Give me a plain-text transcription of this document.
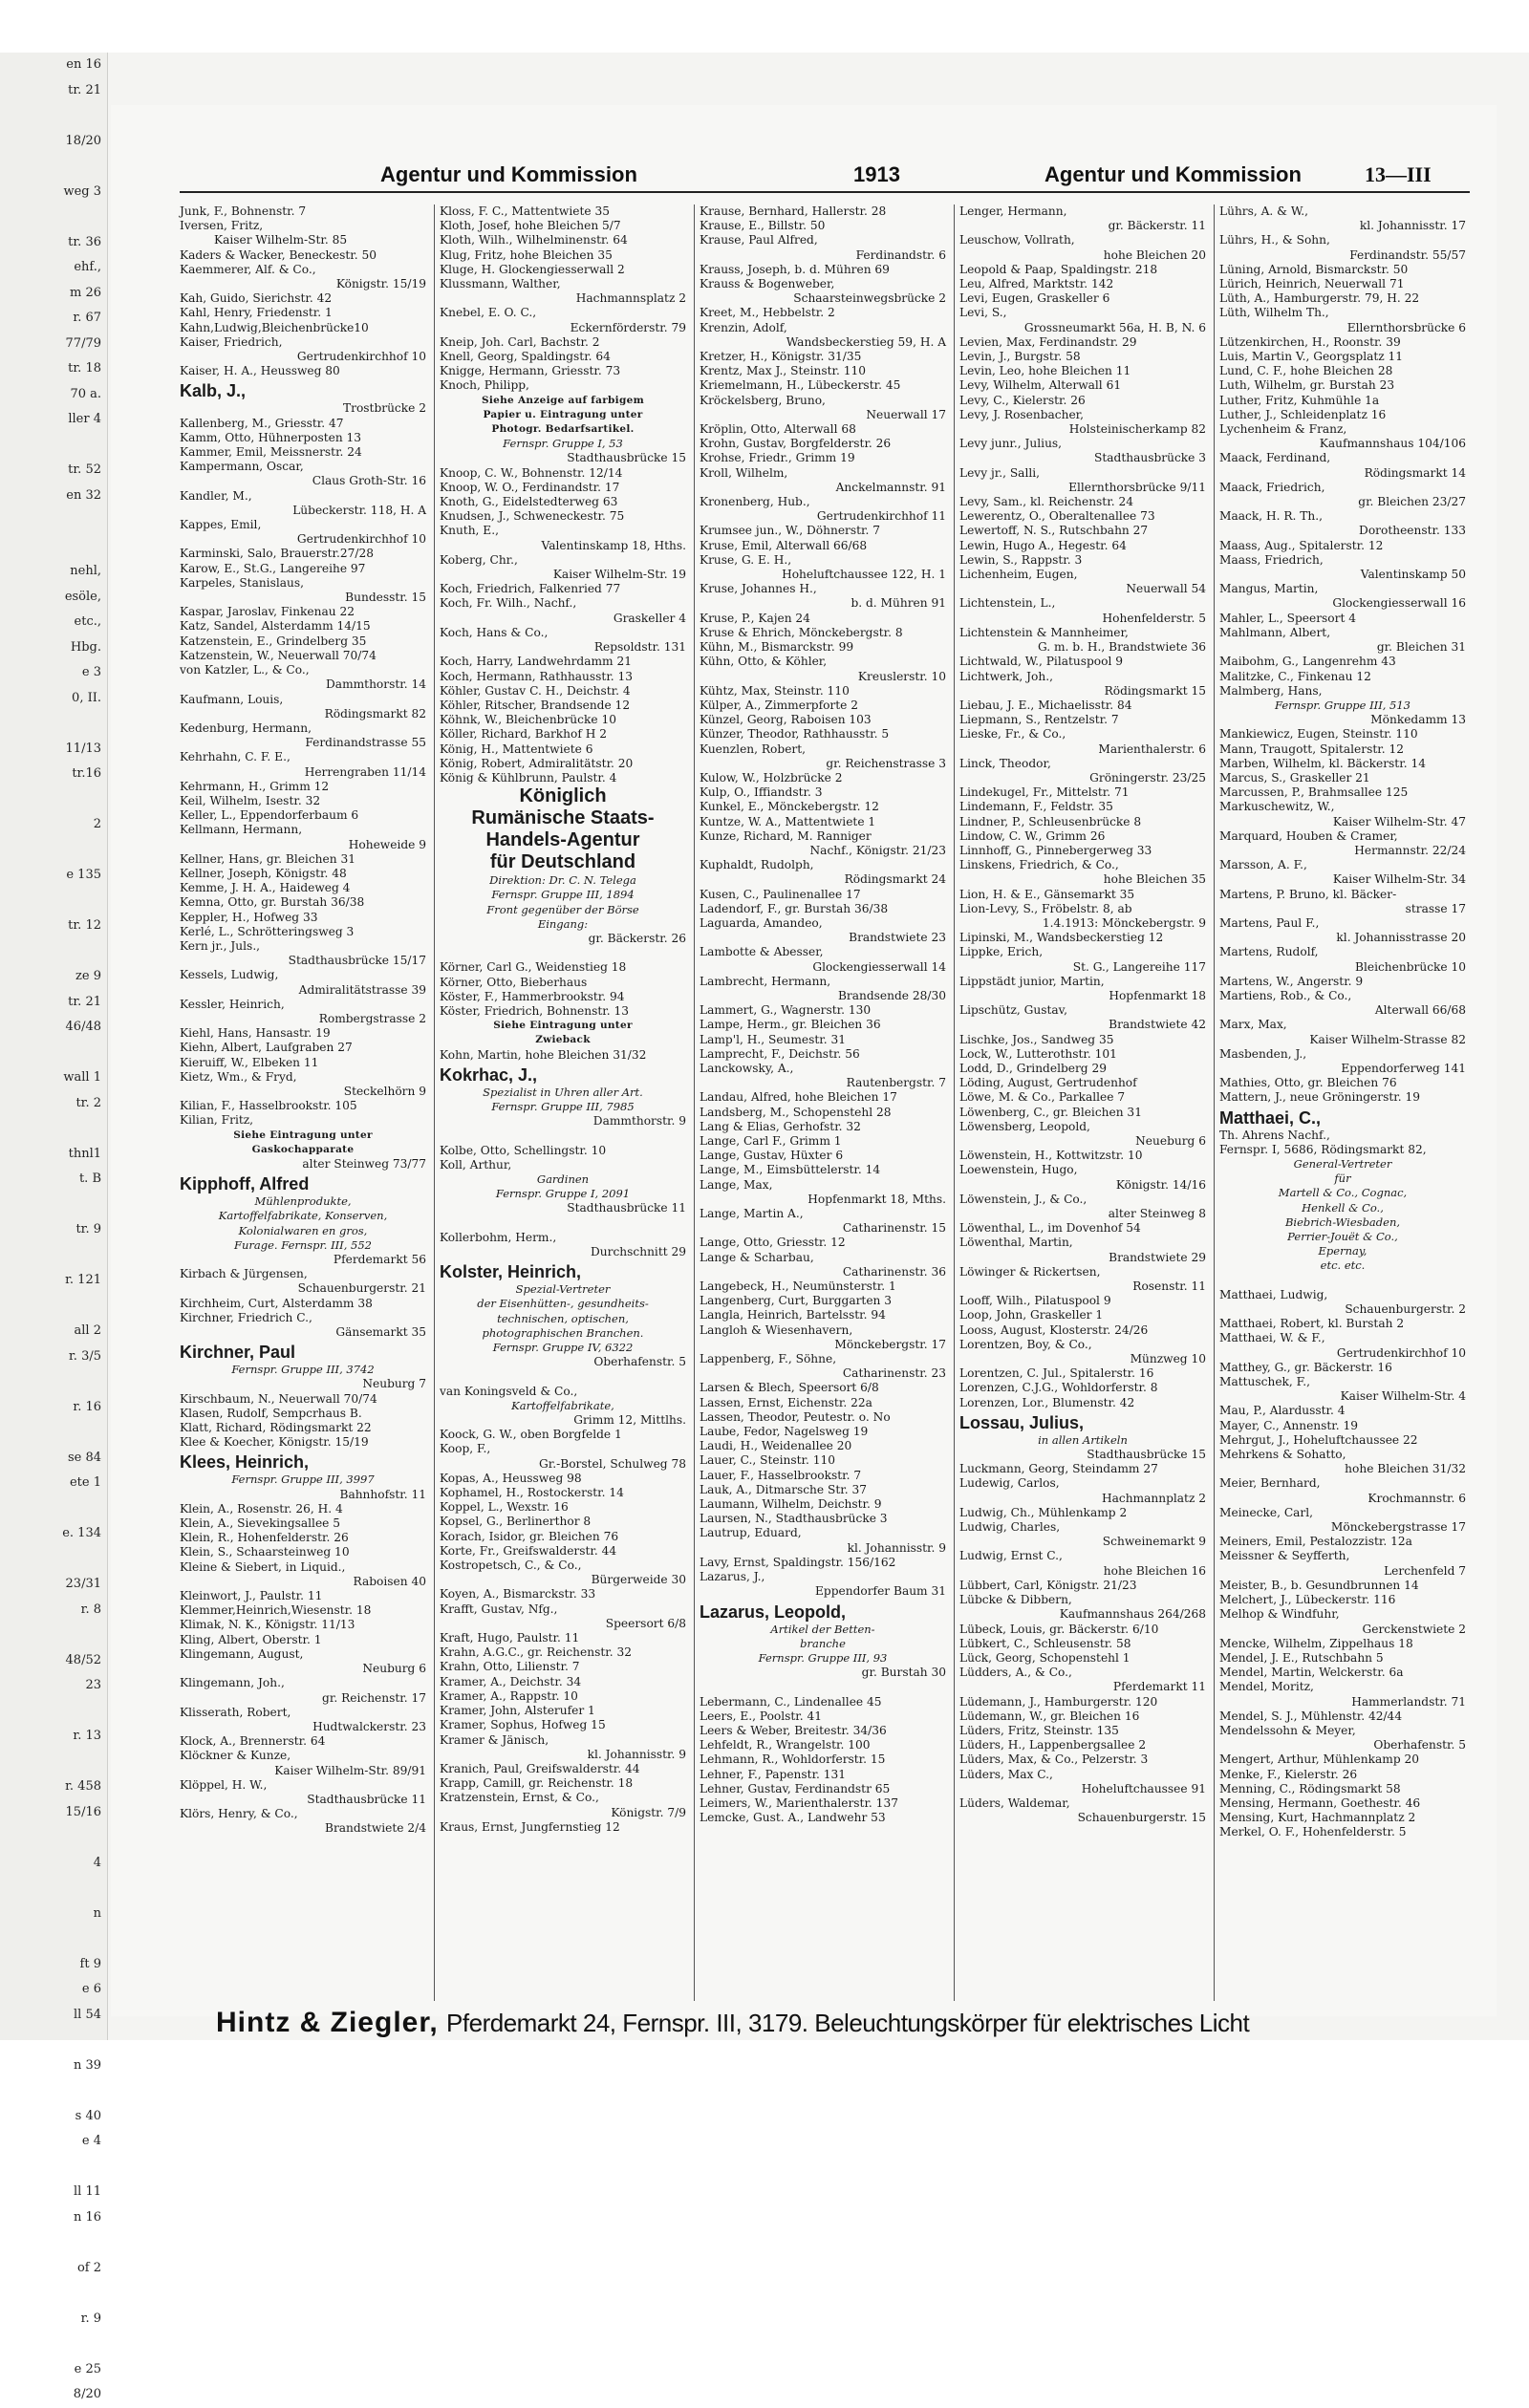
en 16
tr. 21

18/20

weg 3

tr. 36
ehf.,
m 26
r. 67
77/79
tr. 18
70 a.
ller 4

tr. 52
en 32

nehl,
esöle,
etc.,
Hbg.
e 3
0, II.

11/13
tr.16

2

e 135

tr. 12

ze 9
tr. 21
46/48

wall 1
tr. 2

thnl1
t. B

tr. 9

r. 121

all 2
r. 3/5

r. 16

se 84
ete 1

e. 134

23/31
r. 8

48/52
23

r. 13

r. 458
15/16

4

n

ft 9
e 6
ll 54

n 39

s 40
e 4

ll 11
n 16

of 2

r. 9

e 25
8/20
Agentur und Kommission	1913	Agentur und Kommission	13—III
Junk, F., Bohnenstr. 7
Iversen, Fritz,
Kaiser Wilhelm-Str. 85
Kaders & Wacker, Beneckestr. 50
Kaemmerer, Alf. & Co.,
Königstr. 15/19
Kah, Guido, Sierichstr. 42
Kahl, Henry, Friedenstr. 1
Kahn,Ludwig,Bleichenbrücke10
Kaiser, Friedrich,
Gertrudenkirchhof 10
Kaiser, H. A., Heussweg 80
Kalb, J.,
Trostbrücke 2
Kallenberg, M., Griesstr. 47
Kamm, Otto, Hühnerposten 13
Kammer, Emil, Meissnerstr. 24
Kampermann, Oscar,
Claus Groth-Str. 16
Kandler, M.,
Lübeckerstr. 118, H. A
Kappes, Emil,
Gertrudenkirchhof 10
Karminski, Salo, Brauerstr.27/28
Karow, E., St.G., Langereihe 97
Karpeles, Stanislaus,
Bundesstr. 15
Kaspar, Jaroslav, Finkenau 22
Katz, Sandel, Alsterdamm 14/15
Katzenstein, E., Grindelberg 35
Katzenstein, W., Neuerwall 70/74
von Katzler, L., & Co.,
Dammthorstr. 14
Kaufmann, Louis,
Rödingsmarkt 82
Kedenburg, Hermann,
Ferdinandstrasse 55
Kehrhahn, C. F. E.,
Herrengraben 11/14
Kehrmann, H., Grimm 12
Keil, Wilhelm, Isestr. 32
Keller, L., Eppendorferbaum 6
Kellmann, Hermann,
Hoheweide 9
Kellner, Hans, gr. Bleichen 31
Kellner, Joseph, Königstr. 48
Kemme, J. H. A., Haideweg 4
Kemna, Otto, gr. Burstah 36/38
Keppler, H., Hofweg 33
Kerlé, L., Schrötteringsweg 3
Kern jr., Juls.,
Stadthausbrücke 15/17
Kessels, Ludwig,
Admiralitätstrasse 39
Kessler, Heinrich,
Rombergstrasse 2
Kiehl, Hans, Hansastr. 19
Kiehn, Albert, Laufgraben 27
Kieruiff, W., Elbeken 11
Kietz, Wm., & Fryd,
Steckelhörn 9
Kilian, F., Hasselbrookstr. 105
Kilian, Fritz,
Siehe Eintragung unter
Gaskochapparate
alter Steinweg 73/77
Kipphoff, Alfred
Mühlenprodukte,
Kartoffelfabrikate, Konserven,
Kolonialwaren en gros,
Furage. Fernspr. III, 552
Pferdemarkt 56
Kirbach & Jürgensen,
Schauenburgerstr. 21
Kirchheim, Curt, Alsterdamm 38
Kirchner, Friedrich C.,
Gänsemarkt 35
Kirchner, Paul
Fernspr. Gruppe III, 3742
Neuburg 7
Kirschbaum, N., Neuerwall 70/74
Klasen, Rudolf, Sempcrhaus B.
Klatt, Richard, Rödingsmarkt 22
Klee & Koecher, Königstr. 15/19
Klees, Heinrich,
Fernspr. Gruppe III, 3997
Bahnhofstr. 11
Klein, A., Rosenstr. 26, H. 4
Klein, A., Sievekingsallee 5
Klein, R., Hohenfelderstr. 26
Klein, S., Schaarsteinweg 10
Kleine & Siebert, in Liquid.,
Raboisen 40
Kleinwort, J., Paulstr. 11
Klemmer,Heinrich,Wiesenstr. 18
Klimak, N. K., Königstr. 11/13
Kling, Albert, Oberstr. 1
Klingemann, August,
Neuburg 6
Klingemann, Joh.,
gr. Reichenstr. 17
Klisserath, Robert,
Hudtwalckerstr. 23
Klock, A., Brennerstr. 64
Klöckner & Kunze,
Kaiser Wilhelm-Str. 89/91
Klöppel, H. W.,
Stadthausbrücke 11
Klörs, Henry, & Co.,
Brandstwiete 2/4
Kloss, F. C., Mattentwiete 35
Kloth, Josef, hohe Bleichen 5/7
Kloth, Wilh., Wilhelminenstr. 64
Klug, Fritz, hohe Bleichen 35
Kluge, H. Glockengiesserwall 2
Klussmann, Walther,
Hachmannsplatz 2
Knebel, E. O. C.,
Eckernförderstr. 79
Kneip, Joh. Carl, Bachstr. 2
Knell, Georg, Spaldingstr. 64
Knigge, Hermann, Griesstr. 73
Knoch, Philipp,
Siehe Anzeige auf farbigem
Papier u. Eintragung unter
Photogr. Bedarfsartikel.
Fernspr. Gruppe I, 53
Stadthausbrücke 15
Knoop, C. W., Bohnenstr. 12/14
Knoop, W. O., Ferdinandstr. 17
Knoth, G., Eidelstedterweg 63
Knudsen, J., Schweneckestr. 75
Knuth, E.,
Valentinskamp 18, Hths.
Koberg, Chr.,
Kaiser Wilhelm-Str. 19
Koch, Friedrich, Falkenried 77
Koch, Fr. Wilh., Nachf.,
Graskeller 4
Koch, Hans & Co.,
Repsoldstr. 131
Koch, Harry, Landwehrdamm 21
Koch, Hermann, Rathhausstr. 13
Köhler, Gustav C. H., Deichstr. 4
Köhler, Ritscher, Brandsende 12
Köhnk, W., Bleichenbrücke 10
Köller, Richard, Barkhof H 2
König, H., Mattentwiete 6
König, Robert, Admiralitätstr. 20
König & Kühlbrunn, Paulstr. 4
Königlich
Rumänische Staats-
Handels-Agentur
für Deutschland
Direktion: Dr. C. N. Telega
Fernspr. Gruppe III, 1894
Front gegenüber der Börse
Eingang:
gr. Bäckerstr. 26

Körner, Carl G., Weidenstieg 18
Körner, Otto, Bieberhaus
Köster, F., Hammerbrookstr. 94
Köster, Friedrich, Bohnenstr. 13
Siehe Eintragung unter
Zwieback
Kohn, Martin, hohe Bleichen 31/32
Kokrhac, J.,
Spezialist in Uhren aller Art.
Fernspr. Gruppe III, 7985
Dammthorstr. 9

Kolbe, Otto, Schellingstr. 10
Koll, Arthur,
Gardinen
Fernspr. Gruppe I, 2091
Stadthausbrücke 11

Kollerbohm, Herm.,
Durchschnitt 29
Kolster, Heinrich,
Spezial-Vertreter
der Eisenhütten-, gesundheits-
technischen, optischen,
photographischen Branchen.
Fernspr. Gruppe IV, 6322
Oberhafenstr. 5

van Koningsveld & Co.,
Kartoffelfabrikate,
Grimm 12, Mittlhs.
Koock, G. W., oben Borgfelde 1
Koop, F.,
Gr.-Borstel, Schulweg 78
Kopas, A., Heussweg 98
Kophamel, H., Rostockerstr. 14
Koppel, L., Wexstr. 16
Kopsel, G., Berlinerthor 8
Korach, Isidor, gr. Bleichen 76
Korte, Fr., Greifswalderstr. 44
Kostropetsch, C., & Co.,
Bürgerweide 30
Koyen, A., Bismarckstr. 33
Krafft, Gustav, Nfg.,
Speersort 6/8
Kraft, Hugo, Paulstr. 11
Krahn, A.G.C., gr. Reichenstr. 32
Krahn, Otto, Lilienstr. 7
Kramer, A., Deichstr. 34
Kramer, A., Rappstr. 10
Kramer, John, Alsterufer 1
Kramer, Sophus, Hofweg 15
Kramer & Jänisch,
kl. Johannisstr. 9
Kranich, Paul, Greifswalderstr. 44
Krapp, Camill, gr. Reichenstr. 18
Kratzenstein, Ernst, & Co.,
Königstr. 7/9
Kraus, Ernst, Jungfernstieg 12
Krause, Bernhard, Hallerstr. 28
Krause, E., Billstr. 50
Krause, Paul Alfred,
Ferdinandstr. 6
Krauss, Joseph, b. d. Mühren 69
Krauss & Bogenweber,
Schaarsteinwegsbrücke 2
Kreet, M., Hebbelstr. 2
Krenzin, Adolf,
Wandsbeckerstieg 59, H. A
Kretzer, H., Königstr. 31/35
Krentz, Max J., Steinstr. 110
Kriemelmann, H., Lübeckerstr. 45
Kröckelsberg, Bruno,
Neuerwall 17
Kröplin, Otto, Alterwall 68
Krohn, Gustav, Borgfelderstr. 26
Krohse, Friedr., Grimm 19
Kroll, Wilhelm,
Anckelmannstr. 91
Kronenberg, Hub.,
Gertrudenkirchhof 11
Krumsee jun., W., Döhnerstr. 7
Kruse, Emil, Alterwall 66/68
Kruse, G. E. H.,
Hoheluftchaussee 122, H. 1
Kruse, Johannes H.,
b. d. Mühren 91
Kruse, P., Kajen 24
Kruse & Ehrich, Mönckebergstr. 8
Kühn, M., Bismarckstr. 99
Kühn, Otto, & Köhler,
Kreuslerstr. 10
Kühtz, Max, Steinstr. 110
Külper, A., Zimmerpforte 2
Künzel, Georg, Raboisen 103
Künzer, Theodor, Rathhausstr. 5
Kuenzlen, Robert,
gr. Reichenstrasse 3
Kulow, W., Holzbrücke 2
Kulp, O., Iffiandstr. 3
Kunkel, E., Mönckebergstr. 12
Kuntze, W. A., Mattentwiete 1
Kunze, Richard, M. Ranniger
Nachf., Königstr. 21/23
Kuphaldt, Rudolph,
Rödingsmarkt 24
Kusen, C., Paulinenallee 17
Ladendorf, F., gr. Burstah 36/38
Laguarda, Amandeo,
Brandstwiete 23
Lambotte & Abesser,
Glockengiesserwall 14
Lambrecht, Hermann,
Brandsende 28/30
Lammert, G., Wagnerstr. 130
Lampe, Herm., gr. Bleichen 36
Lamp'l, H., Seumestr. 31
Lamprecht, F., Deichstr. 56
Lanckowsky, A.,
Rautenbergstr. 7
Landau, Alfred, hohe Bleichen 17
Landsberg, M., Schopenstehl 28
Lang & Elias, Gerhofstr. 32
Lange, Carl F., Grimm 1
Lange, Gustav, Hüxter 6
Lange, M., Eimsbüttelerstr. 14
Lange, Max,
Hopfenmarkt 18, Mths.
Lange, Martin A.,
Catharinenstr. 15
Lange, Otto, Griesstr. 12
Lange & Scharbau,
Catharinenstr. 36
Langebeck, H., Neumünsterstr. 1
Langenberg, Curt, Burggarten 3
Langla, Heinrich, Bartelsstr. 94
Langloh & Wiesenhavern,
Mönckebergstr. 17
Lappenberg, F., Söhne,
Catharinenstr. 23
Larsen & Blech, Speersort 6/8
Lassen, Ernst, Eichenstr. 22a
Lassen, Theodor, Peutestr. o. No
Laube, Fedor, Nagelsweg 19
Laudi, H., Weidenallee 20
Lauer, C., Steinstr. 110
Lauer, F., Hasselbrookstr. 7
Lauk, A., Ditmarsche Str. 37
Laumann, Wilhelm, Deichstr. 9
Laursen, N., Stadthausbrücke 3
Lautrup, Eduard,
kl. Johannisstr. 9
Lavy, Ernst, Spaldingstr. 156/162
Lazarus, J.,
Eppendorfer Baum 31
Lazarus, Leopold,
Artikel der Betten-
branche
Fernspr. Gruppe III, 93
gr. Burstah 30

Lebermann, C., Lindenallee 45
Leers, E., Poolstr. 41
Leers & Weber, Breitestr. 34/36
Lehfeldt, R., Wrangelstr. 100
Lehmann, R., Wohldorferstr. 15
Lehner, F., Papenstr. 131
Lehner, Gustav, Ferdinandstr 65
Leimers, W., Marienthalerstr. 137
Lemcke, Gust. A., Landwehr 53
Lenger, Hermann,
gr. Bäckerstr. 11
Leuschow, Vollrath,
hohe Bleichen 20
Leopold & Paap, Spaldingstr. 218
Leu, Alfred, Marktstr. 142
Levi, Eugen, Graskeller 6
Levi, S.,
Grossneumarkt 56a, H. B, N. 6
Levien, Max, Ferdinandstr. 29
Levin, J., Burgstr. 58
Levin, Leo, hohe Bleichen 11
Levy, Wilhelm, Alterwall 61
Levy, C., Kielerstr. 26
Levy, J. Rosenbacher,
Holsteinischerkamp 82
Levy junr., Julius,
Stadthausbrücke 3
Levy jr., Salli,
Ellernthorsbrücke 9/11
Levy, Sam., kl. Reichenstr. 24
Lewerentz, O., Oberaltenallee 73
Lewertoff, N. S., Rutschbahn 27
Lewin, Hugo A., Hegestr. 64
Lewin, S., Rappstr. 3
Lichenheim, Eugen,
Neuerwall 54
Lichtenstein, L.,
Hohenfelderstr. 5
Lichtenstein & Mannheimer,
G. m. b. H., Brandstwiete 36
Lichtwald, W., Pilatuspool 9
Lichtwerk, Joh.,
Rödingsmarkt 15
Liebau, J. E., Michaelisstr. 84
Liepmann, S., Rentzelstr. 7
Lieske, Fr., & Co.,
Marienthalerstr. 6
Linck, Theodor,
Gröningerstr. 23/25
Lindekugel, Fr., Mittelstr. 71
Lindemann, F., Feldstr. 35
Lindner, P., Schleusenbrücke 8
Lindow, C. W., Grimm 26
Linnhoff, G., Pinnebergerweg 33
Linskens, Friedrich, & Co.,
hohe Bleichen 35
Lion, H. & E., Gänsemarkt 35
Lion-Levy, S., Fröbelstr. 8, ab
1.4.1913: Mönckebergstr. 9
Lipinski, M., Wandsbeckerstieg 12
Lippke, Erich,
St. G., Langereihe 117
Lippstädt junior, Martin,
Hopfenmarkt 18
Lipschütz, Gustav,
Brandstwiete 42
Lischke, Jos., Sandweg 35
Lock, W., Lutterothstr. 101
Lodd, D., Grindelberg 29
Löding, August, Gertrudenhof
Löwe, M. & Co., Parkallee 7
Löwenberg, C., gr. Bleichen 31
Löwensberg, Leopold,
Neueburg 6
Löwenstein, H., Kottwitzstr. 10
Loewenstein, Hugo,
Königstr. 14/16
Löwenstein, J., & Co.,
alter Steinweg 8
Löwenthal, L., im Dovenhof 54
Löwenthal, Martin,
Brandstwiete 29
Löwinger & Rickertsen,
Rosenstr. 11
Looff, Wilh., Pilatuspool 9
Loop, John, Graskeller 1
Looss, August, Klosterstr. 24/26
Lorentzen, Boy, & Co.,
Münzweg 10
Lorentzen, C. Jul., Spitalerstr. 16
Lorenzen, C.J.G., Wohldorferstr. 8
Lorenzen, Lor., Blumenstr. 42
Lossau, Julius,
in allen Artikeln
Stadthausbrücke 15
Luckmann, Georg, Steindamm 27
Ludewig, Carlos,
Hachmannplatz 2
Ludwig, Ch., Mühlenkamp 2
Ludwig, Charles,
Schweinemarkt 9
Ludwig, Ernst C.,
hohe Bleichen 16
Lübbert, Carl, Königstr. 21/23
Lübcke & Dibbern,
Kaufmannshaus 264/268
Lübeck, Louis, gr. Bäckerstr. 6/10
Lübkert, C., Schleusenstr. 58
Lück, Georg, Schopenstehl 1
Lüdders, A., & Co.,
Pferdemarkt 11
Lüdemann, J., Hamburgerstr. 120
Lüdemann, W., gr. Bleichen 16
Lüders, Fritz, Steinstr. 135
Lüders, H., Lappenbergsallee 2
Lüders, Max, & Co., Pelzerstr. 3
Lüders, Max C.,
Hoheluftchaussee 91
Lüders, Waldemar,
Schauenburgerstr. 15
Lührs, A. & W.,
kl. Johannisstr. 17
Lührs, H., & Sohn,
Ferdinandstr. 55/57
Lüning, Arnold, Bismarckstr. 50
Lürich, Heinrich, Neuerwall 71
Lüth, A., Hamburgerstr. 79, H. 22
Lüth, Wilhelm Th.,
Ellernthorsbrücke 6
Lützenkirchen, H., Roonstr. 39
Luis, Martin V., Georgsplatz 11
Lund, C. F., hohe Bleichen 28
Luth, Wilhelm, gr. Burstah 23
Luther, Fritz, Kuhmühle 1a
Luther, J., Schleidenplatz 16
Lychenheim & Franz,
Kaufmannshaus 104/106
Maack, Ferdinand,
Rödingsmarkt 14
Maack, Friedrich,
gr. Bleichen 23/27
Maack, H. R. Th.,
Dorotheenstr. 133
Maass, Aug., Spitalerstr. 12
Maass, Friedrich,
Valentinskamp 50
Mangus, Martin,
Glockengiesserwall 16
Mahler, L., Speersort 4
Mahlmann, Albert,
gr. Bleichen 31
Maibohm, G., Langenrehm 43
Malitzke, C., Finkenau 12
Malmberg, Hans,
Fernspr. Gruppe III, 513
Mönkedamm 13
Mankiewicz, Eugen, Steinstr. 110
Mann, Traugott, Spitalerstr. 12
Marben, Wilhelm, kl. Bäckerstr. 14
Marcus, S., Graskeller 21
Marcussen, P., Brahmsallee 125
Markuschewitz, W.,
Kaiser Wilhelm-Str. 47
Marquard, Houben & Cramer,
Hermannstr. 22/24
Marsson, A. F.,
Kaiser Wilhelm-Str. 34
Martens, P. Bruno, kl. Bäcker-
strasse 17
Martens, Paul F.,
kl. Johannisstrasse 20
Martens, Rudolf,
Bleichenbrücke 10
Martens, W., Angerstr. 9
Martiens, Rob., & Co.,
Alterwall 66/68
Marx, Max,
Kaiser Wilhelm-Strasse 82
Masbenden, J.,
Eppendorferweg 141
Mathies, Otto, gr. Bleichen 76
Mattern, J., neue Gröningerstr. 19
Matthaei, C.,
Th. Ahrens Nachf.,
Fernspr. I, 5686, Rödingsmarkt 82,
General-Vertreter
für
Martell & Co., Cognac,
Henkell & Co.,
Biebrich-Wiesbaden,
Perrier-Jouët & Co.,
Epernay,
etc. etc.

Matthaei, Ludwig,
Schauenburgerstr. 2
Matthaei, Robert, kl. Burstah 2
Matthaei, W. & F.,
Gertrudenkirchhof 10
Matthey, G., gr. Bäckerstr. 16
Mattuschek, F.,
Kaiser Wilhelm-Str. 4
Mau, P., Alardusstr. 4
Mayer, C., Annenstr. 19
Mehrgut, J., Hoheluftchaussee 22
Mehrkens & Sohatto,
hohe Bleichen 31/32
Meier, Bernhard,
Krochmannstr. 6
Meinecke, Carl,
Mönckebergstrasse 17
Meiners, Emil, Pestalozzistr. 12a
Meissner & Seyfferth,
Lerchenfeld 7
Meister, B., b. Gesundbrunnen 14
Melchert, J., Lübeckerstr. 116
Melhop & Windfuhr,
Gerckenstwiete 2
Mencke, Wilhelm, Zippelhaus 18
Mendel, J. E., Rutschbahn 5
Mendel, Martin, Welckerstr. 6a
Mendel, Moritz,
Hammerlandstr. 71
Mendel, S. J., Mühlenstr. 42/44
Mendelssohn & Meyer,
Oberhafenstr. 5
Mengert, Arthur, Mühlenkamp 20
Menke, F., Kielerstr. 26
Menning, C., Rödingsmarkt 58
Mensing, Hermann, Goethestr. 46
Mensing, Kurt, Hachmannplatz 2
Merkel, O. F., Hohenfelderstr. 5
Hintz & Ziegler, Pferdemarkt 24, Fernspr. III, 3179. Beleuchtungskörper für elektrisches Licht
